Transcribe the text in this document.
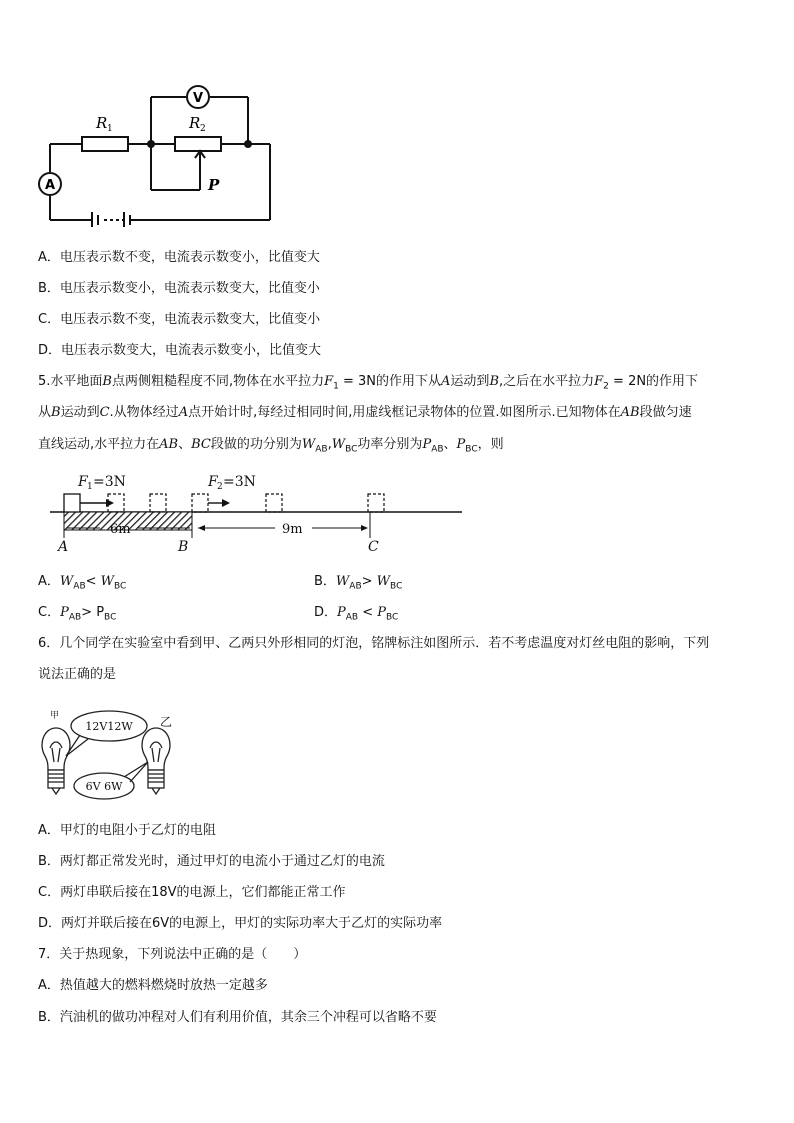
V
A
R 1	R 2
P
A．电压表示数不变，电流表示数变小，比值变大
B．电压表示数变小，电流表示数变大，比值变小
C．电压表示数不变，电流表示数变大，比值变小
D．电压表示数变大，电流表示数变小，比值变大
5.水平地面B点两侧粗糙程度不同,物体在水平拉力$F_1 = 3N$的作用下从A运动到B,之后在水平拉力$F_2 = 2N$的作用下
从B运动到C.从物体经过A点开始计时,每经过相同时间,用虚线框记录物体的位置.如图所示.已知物体在AB段做匀速
直线运动,水平拉力在AB、BC段做的功分别为$W_{AB},W_{BC}$功率分别为$P_{AB}$、$P_{BC}$，则
F 1 =3N	F 2 =3N
A	B	C
6m	9m
A．$W_{AB}< W_{BC}$	B．$W_{AB}> W_{BC}$
C．$P_{AB}> P_{BC}$	D．$P_{AB} < P_{BC}$
6．几个同学在实验室中看到甲、乙两只外形相同的灯泡，铭牌标注如图所示．若不考虑温度对灯丝电阻的影响，下列
说法正确的是
甲	乙
12V12W
6V 6W
A．甲灯的电阻小于乙灯的电阻
B．两灯都正常发光时，通过甲灯的电流小于通过乙灯的电流
C．两灯串联后接在18V的电源上，它们都能正常工作
D．两灯并联后接在6V的电源上，甲灯的实际功率大于乙灯的实际功率
7．关于热现象，下列说法中正确的是（　　）
A．热值越大的燃料燃烧时放热一定越多
B．汽油机的做功冲程对人们有利用价值，其余三个冲程可以省略不要
